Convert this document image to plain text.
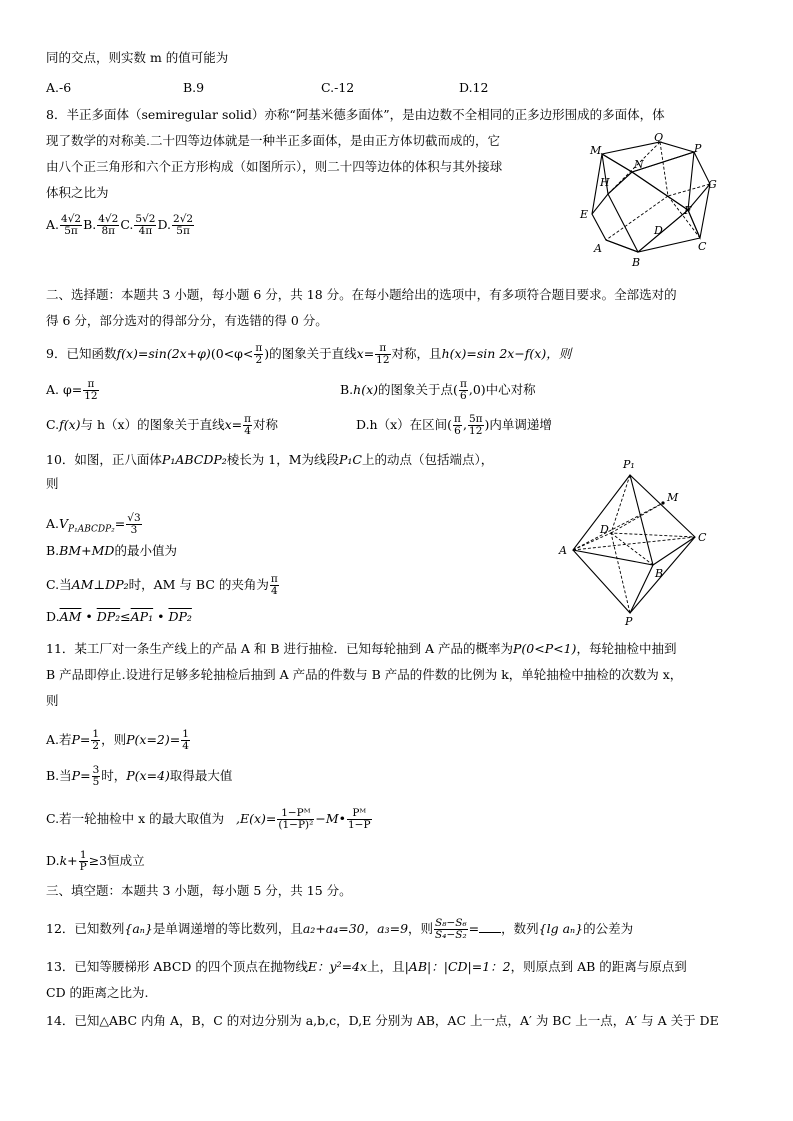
同的交点，则实数 m 的值可能为
A.-6	B.9	C.-12	D.12
8．半正多面体（semiregular solid）亦称“阿基米德多面体”，是由边数不全相同的正多边形围成的多面体，体
现了数学的对称美.二十四等边体就是一种半正多面体，是由正方体切截而成的，它
由八个正三角形和六个正方形构成（如图所示），则二十四等边体的体积与其外接球
体积之比为
A. $\frac{4√2}{5\pi} B$. $\frac{4√2}{8\pi} C$. $\frac{5√2}{4\pi} D$. $\frac{2√2}{5\pi}$
Q
M
N
P
H	G
E	F
D
A	C
B
二、选择题：本题共 3 小题，每小题 6 分，共 18 分。在每小题给出的选项中，有多项符合题目要求。全部选对的
得 6 分，部分选对的得部分分，有选错的得 0 分。
9．已知函数$f(x)=\sin(2x+\varphi)(0<\varphi< \frac{\pi}{2}$ )的图象关于直线$x= \frac{\pi}{12}$ 对称，且h(x)=sin 2x−f(x)，则
A. $\varphi= \frac{\pi}{12}$	B.h(x)的图象关于点( $\frac{\pi}{6} ,0$)中心对称
C.f(x)与 h（x）的图象关于直线$x= \frac{\pi}{4}$ 对称	D.h（x）在区间( $\frac{\pi}{6}$ , $\frac{5\pi}{12}$ )内单调递增
10．如图，正八面体P₁ABCDP₂棱长为 1，M为线段P₁C上的动点（包括端点），
则
$A.V_{P_1ABCDP_2}= \frac{√3}{3}$
B.BM+MD的最小值为
C.当AM⊥DP₂时，AM 与 BC 的夹角为 $\frac{\pi}{4}$
$D.\overline{AM}$ • DP₂≤AP₁ • DP₂
P₁
M
D
A
C
B
P
11．某工厂对一条生产线上的产品 A 和 B 进行抽检．已知每轮抽到 A 产品的概率为P(0<P<1)，每轮抽检中抽到
B 产品即停止.设进行足够多轮抽检后抽到 A 产品的件数与 B 产品的件数的比例为 k，单轮抽检中抽检的次数为 x，
则
A.若$P= \frac{1}{2}$ ，则$P(x=2)= \frac{1}{4}$
B.当$P= \frac{3}{5}$ 时，P(x=4)取得最大值
C.若一轮抽检中 x 的最大取值为 $,E(x)= \frac{\text{1−Pᴹ}}{\text{(1−P)²}}$ −M• $\frac{\text{Pᴹ}}{1-P}$
$D.k+ \frac{1}{P} \ge 3$恒成立
三、填空题：本题共 3 小题，每小题 5 分，共 15 分。
12．已知数列{aₙ}是单调递增的等比数列，且a₂+a₄=30，a₃=9，则 $\frac{\text{S₈−S₆}}{\text{S₄−S₂}}$ = ，数列{lg aₙ}的公差为
13．已知等腰梯形 ABCD 的四个顶点在抛物线E：y²=4x上，且|AB|：|CD|=1：2，则原点到 AB 的距离与原点到
CD 的距离之比为.
14．已知△ABC 内角 A，B，C 的对边分别为 a,b,c，D,E 分别为 AB，AC 上一点，A′ 为 BC 上一点，A′ 与 A 关于 DE
